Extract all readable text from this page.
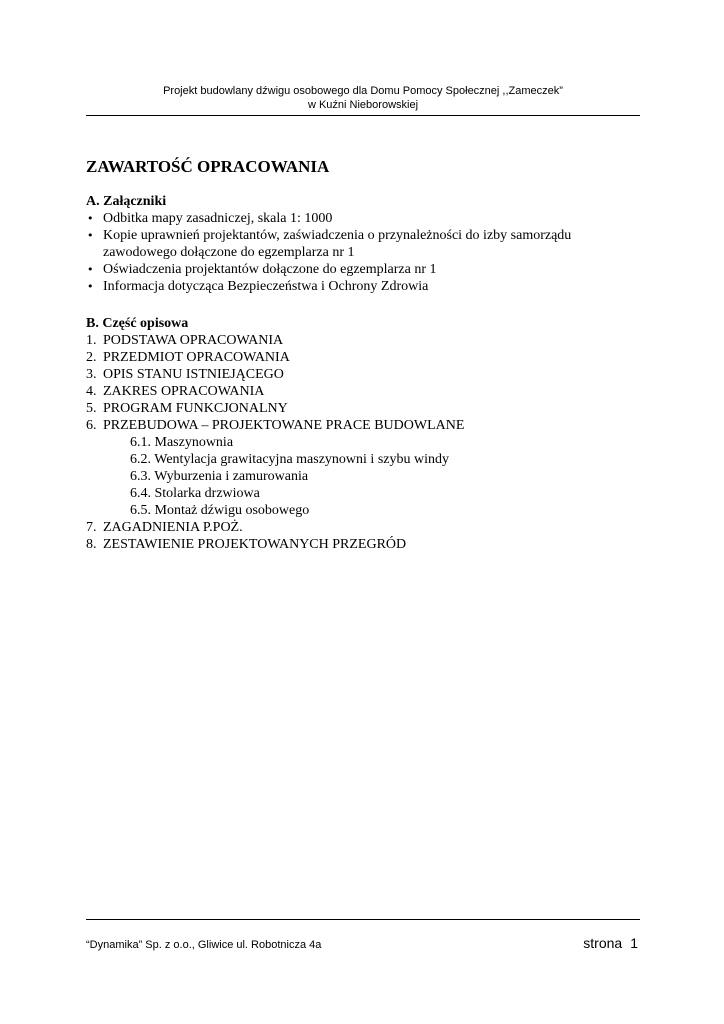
Projekt budowlany dźwigu osobowego dla Domu Pomocy Społecznej ,,Zameczek”
w Kuźni Nieborowskiej
ZAWARTOŚĆ OPRACOWANIA

A. Załączniki

• Odbitka mapy zasadniczej, skala 1: 1000
• Kopie uprawnień projektantów, zaświadczenia o przynależności do izby samorządu zawodowego dołączone do egzemplarza nr 1
• Oświadczenia projektantów dołączone do egzemplarza nr 1
• Informacja dotycząca Bezpieczeństwa i Ochrony Zdrowia

B. Część opisowa

1. PODSTAWA OPRACOWANIA
2. PRZEDMIOT OPRACOWANIA
3. OPIS STANU ISTNIEJĄCEGO
4. ZAKRES OPRACOWANIA
5. PROGRAM FUNKCJONALNY
6. PRZEBUDOWA – PROJEKTOWANE PRACE BUDOWLANE
6.1. Maszynownia
6.2. Wentylacja grawitacyjna maszynowni i szybu windy
6.3. Wyburzenia i zamurowania
6.4. Stolarka drzwiowa
6.5. Montaż dźwigu osobowego
7. ZAGADNIENIA P.POŻ.
8. ZESTAWIENIE PROJEKTOWANYCH PRZEGRÓD
“Dynamika” Sp. z o.o., Gliwice ul. Robotnicza 4a	strona 1
